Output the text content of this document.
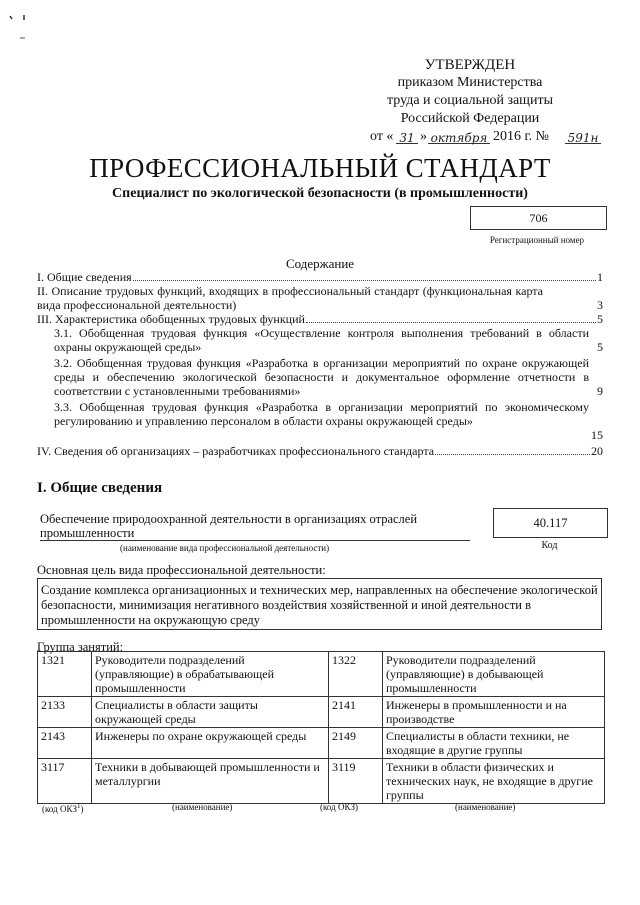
УТВЕРЖДЕН
приказом Министерства
труда и социальной защиты
Российской Федерации
от « 31 » октября 2016 г. № 591н
ПРОФЕССИОНАЛЬНЫЙ СТАНДАРТ
Специалист по экологической безопасности (в промышленности)
706
Регистрационный номер
Содержание
I. Общие сведения	1
II. Описание трудовых функций, входящих в профессиональный стандарт (функциональная карта вида профессиональной деятельности)	3
III. Характеристика обобщенных трудовых функций	5
3.1. Обобщенная трудовая функция «Осуществление контроля выполнения требований в области охраны окружающей среды»	5
3.2. Обобщенная трудовая функция «Разработка в организации мероприятий по охране окружающей среды и обеспечению экологической безопасности и документальное оформление отчетности в соответствии с установленными требованиями»	9
3.3. Обобщенная трудовая функция «Разработка в организации мероприятий по экономическому регулированию и управлению персоналом в области охраны окружающей среды»
15
IV. Сведения об организациях – разработчиках профессионального стандарта	20
I. Общие сведения
Обеспечение природоохранной деятельности в организациях отраслей промышленности
(наименование вида профессиональной деятельности)
40.117
Код
Основная цель вида профессиональной деятельности:
Создание комплекса организационных и технических мер, направленных на обеспечение экологической безопасности, минимизация негативного воздействия хозяйственной и иной деятельности в промышленности на окружающую среду
Группа занятий:
1321	Руководители подразделений (управляющие) в обрабатывающей промышленности	1322	Руководители подразделений (управляющие) в добывающей промышленности
2133	Специалисты в области защиты окружающей среды	2141	Инженеры в промышленности и на производстве
2143	Инженеры по охране окружающей среды	2149	Специалисты в области техники, не входящие в другие группы
3117	Техники в добывающей промышленности и металлургии	3119	Техники в области физических и технических наук, не входящие в другие группы
(код ОКЗ$^1$)	(наименование)	(код ОКЗ)	(наименование)
